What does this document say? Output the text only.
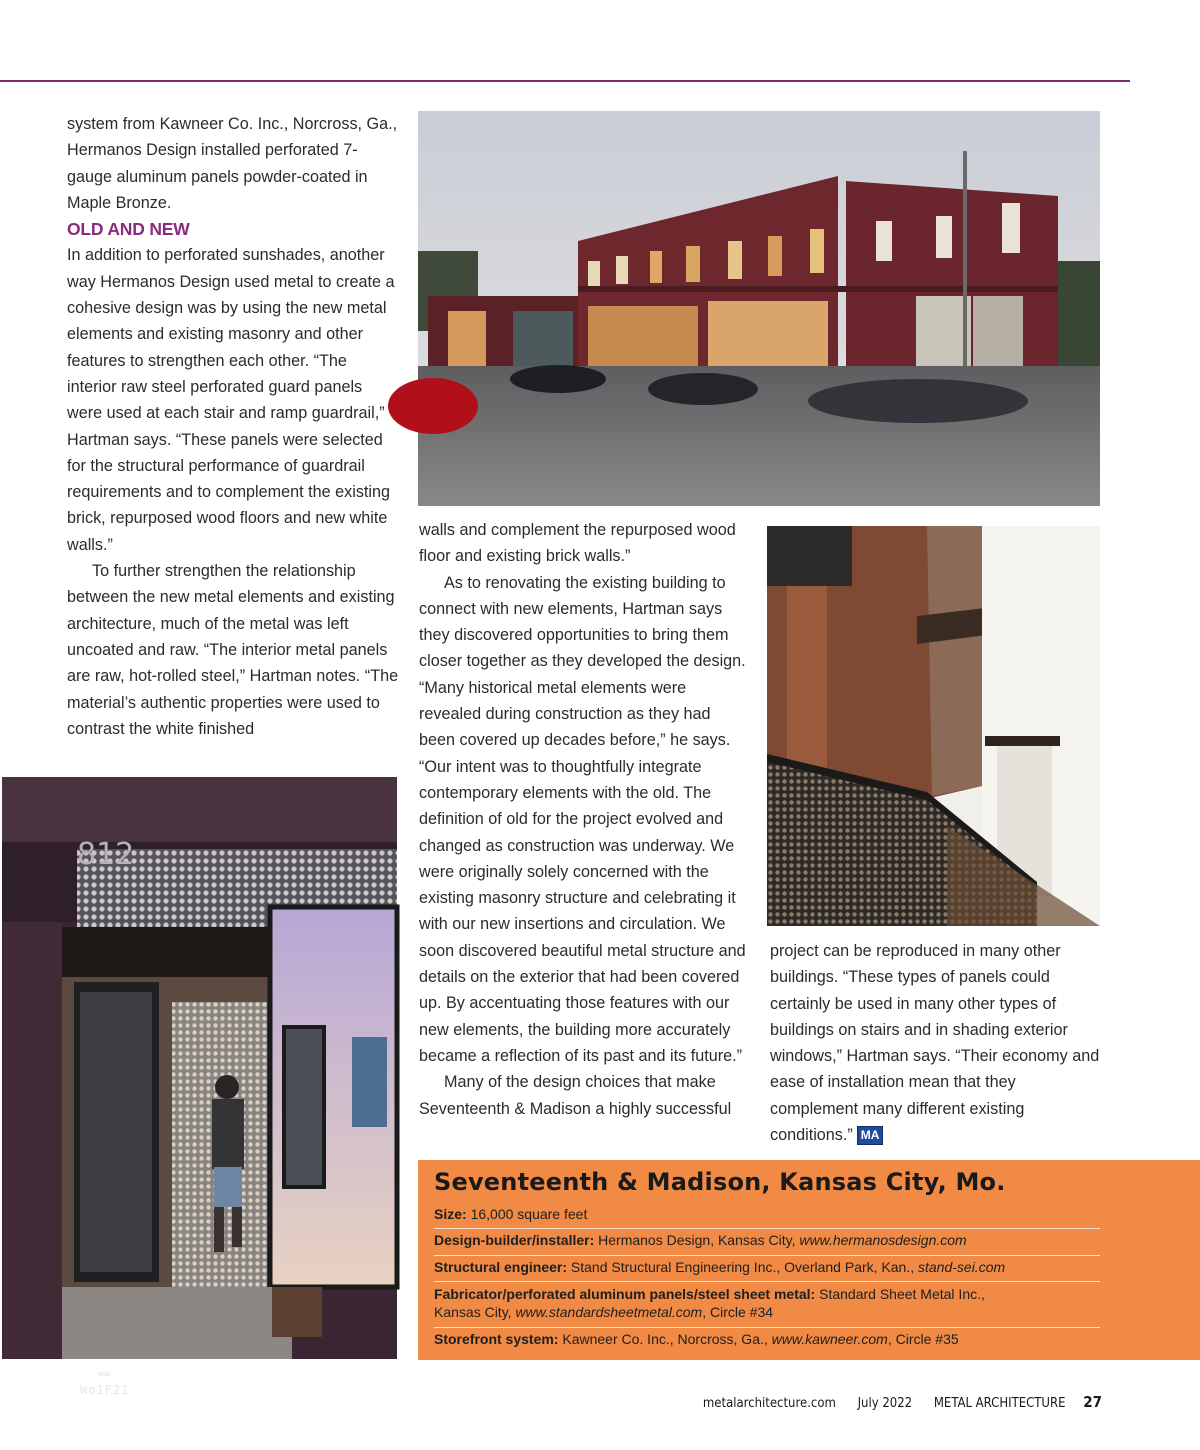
system from Kawneer Co. Inc., Norcross, Ga., Hermanos Design installed perforated 7-gauge aluminum panels powder-coated in Maple Bronze.

OLD AND NEW

In addition to perforated sunshades, another way Hermanos Design used metal to create a cohesive design was by using the new metal elements and existing masonry and other features to strengthen each other. “The interior raw steel perforated guard panels were used at each stair and ramp guardrail,” Hartman says. “These panels were selected for the structural performance of guardrail requirements and to complement the existing brick, repurposed wood floors and new white walls.”

To further strengthen the relationship between the new metal elements and existing architecture, much of the metal was left uncoated and raw. “The interior metal panels are raw, hot-rolled steel,” Hartman notes. “The material’s authentic properties were used to contrast the white finished

walls and complement the repurposed wood floor and existing brick walls.”

As to renovating the existing building to connect with new elements, Hartman says they discovered opportunities to bring them closer together as they developed the design. “Many historical metal elements were revealed during construction as they had been covered up decades before,” he says. “Our intent was to thoughtfully integrate contemporary elements with the old. The definition of old for the project evolved and changed as construction was underway. We were originally solely concerned with the existing masonry structure and celebrating it with our new insertions and circulation. We soon discovered beautiful metal structure and details on the exterior that had been covered up. By accentuating those features with our new elements, the building more accurately became a reflection of its past and its future.”

Many of the design choices that make Seventeenth & Madison a highly successful

project can be reproduced in many other buildings. “These types of panels could certainly be used in many other types of buildings on stairs and in shading exterior windows,” Hartman says. “Their economy and ease of installation mean that they complement many different existing conditions.” MA

812
Wolf
Wo1F21
Seventeenth & Madison, Kansas City, Mo.
Size: 16,000 square feet
Design-builder/installer: Hermanos Design, Kansas City, www.hermanosdesign.com
Structural engineer: Stand Structural Engineering Inc., Overland Park, Kan., stand-sei.com
Fabricator/perforated aluminum panels/steel sheet metal: Standard Sheet Metal Inc.,
Kansas City, www.standardsheetmetal.com, Circle #34
Storefront system: Kawneer Co. Inc., Norcross, Ga., www.kawneer.com, Circle #35
metalarchitecture.com July 2022 METAL ARCHITECTURE 27
